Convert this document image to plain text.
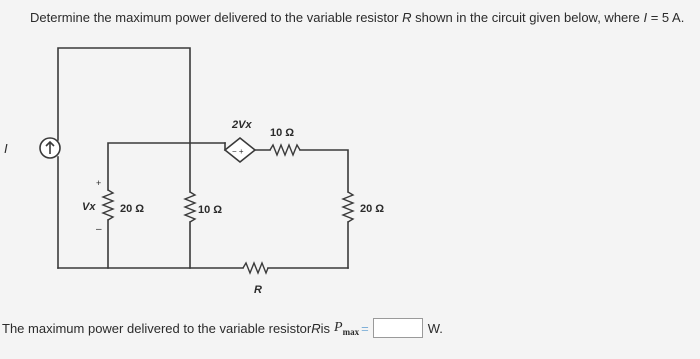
Determine the maximum power delivered to the variable resistor R shown in the circuit given below, where I = 5 A.
I	− +
2Vx
+
–
Vx 20 Ω	10 Ω
10 Ω
20 Ω
R
The maximum power delivered to the variable resistor R is $P_{max}$ =	W.
